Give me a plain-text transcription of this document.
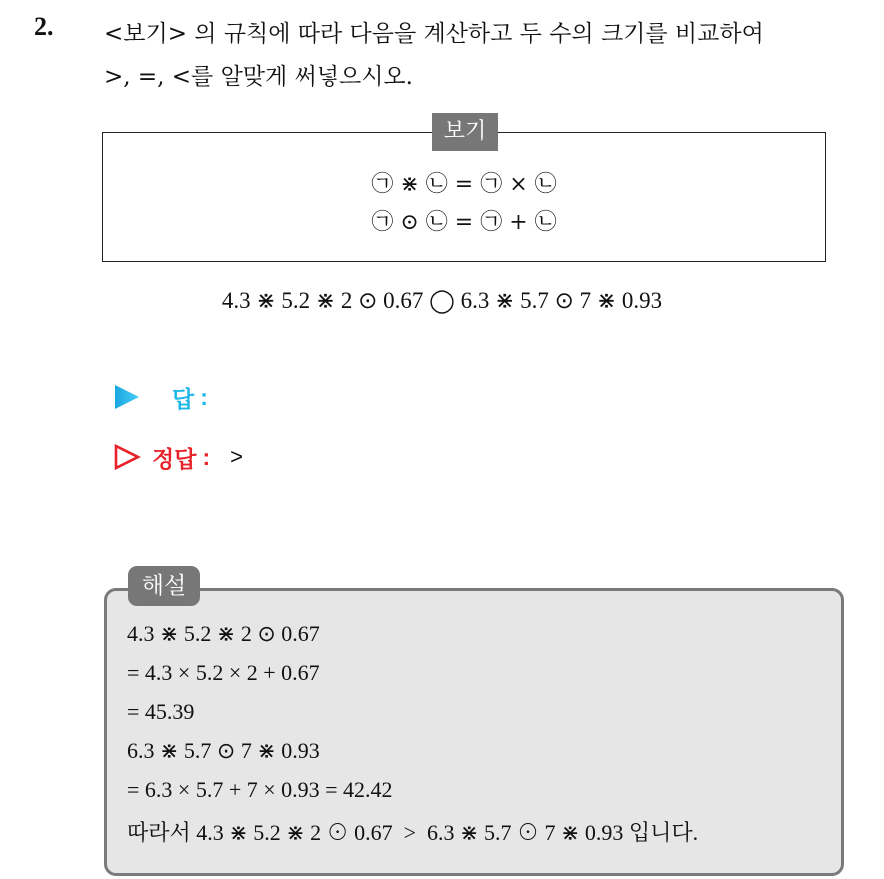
2. <보기> 의 규칙에 따라 다음을 계산하고 두 수의 크기를 비교하여
>, =, <를 알맞게 써넣으시오.
㉠ ⋇ ㉡ = ㉠ × ㉡
㉠ ⊙ ㉡ = ㉠ + ㉡
보기
4.3 ⋇ 5.2 ⋇ 2 ⊙ 0.67 ◯ 6.3 ⋇ 5.7 ⊙ 7 ⋇ 0.93
답 :
정답 : >
4.3 ⋇ 5.2 ⋇ 2 ⊙ 0.67
= 4.3 × 5.2 × 2 + 0.67
= 45.39
6.3 ⋇ 5.7 ⊙ 7 ⋇ 0.93
= 6.3 × 5.7 + 7 × 0.93 = 42.42
따라서 4.3 ⋇ 5.2 ⋇ 2 ⊙ 0.67  >  6.3 ⋇ 5.7 ⊙ 7 ⋇ 0.93 입니다.
해설
